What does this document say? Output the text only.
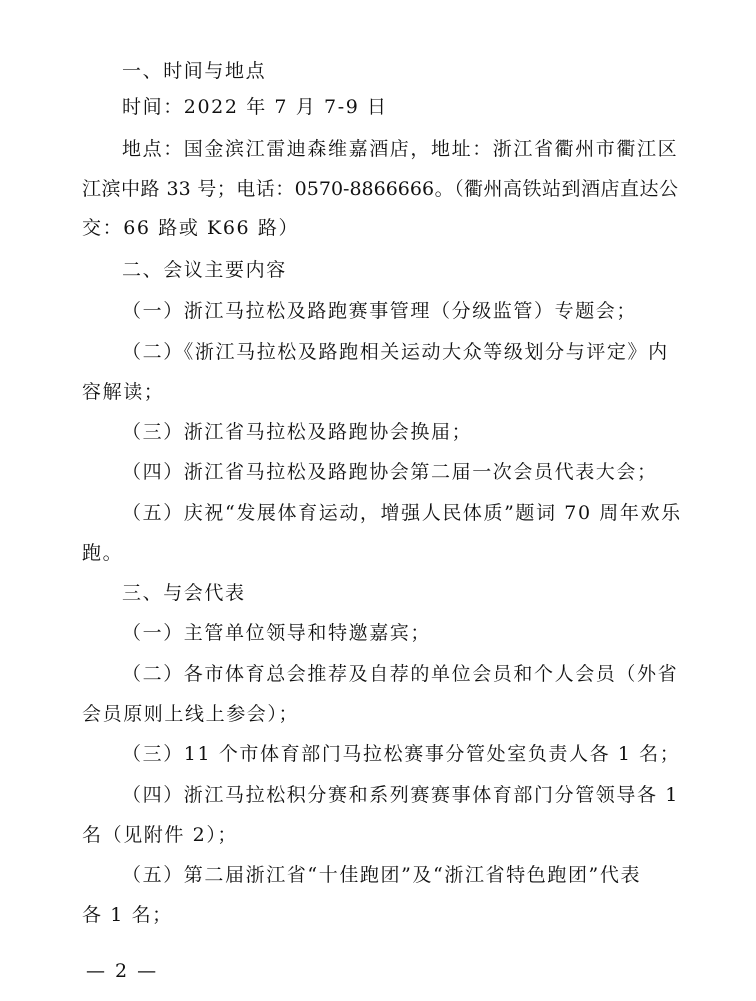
一、时间与地点
时间：2022 年 7 月 7-9 日
地点：国金滨江雷迪森维嘉酒店，地址：浙江省衢州市衢江区
江滨中路 33 号；电话：0570-8866666。（衢州高铁站到酒店直达公
交：66 路或 K66 路）
二、会议主要内容
（一）浙江马拉松及路跑赛事管理（分级监管）专题会；
（二）《浙江马拉松及路跑相关运动大众等级划分与评定》内
容解读；
（三）浙江省马拉松及路跑协会换届；
（四）浙江省马拉松及路跑协会第二届一次会员代表大会；
（五）庆祝“发展体育运动，增强人民体质”题词 70 周年欢乐
跑。
三、与会代表
（一）主管单位领导和特邀嘉宾；
（二）各市体育总会推荐及自荐的单位会员和个人会员（外省
会员原则上线上参会）；
（三）11 个市体育部门马拉松赛事分管处室负责人各 1 名；
（四）浙江马拉松积分赛和系列赛赛事体育部门分管领导各 1
名（见附件 2）；
（五）第二届浙江省“十佳跑团”及“浙江省特色跑团”代表
各 1 名；
— 2 —
